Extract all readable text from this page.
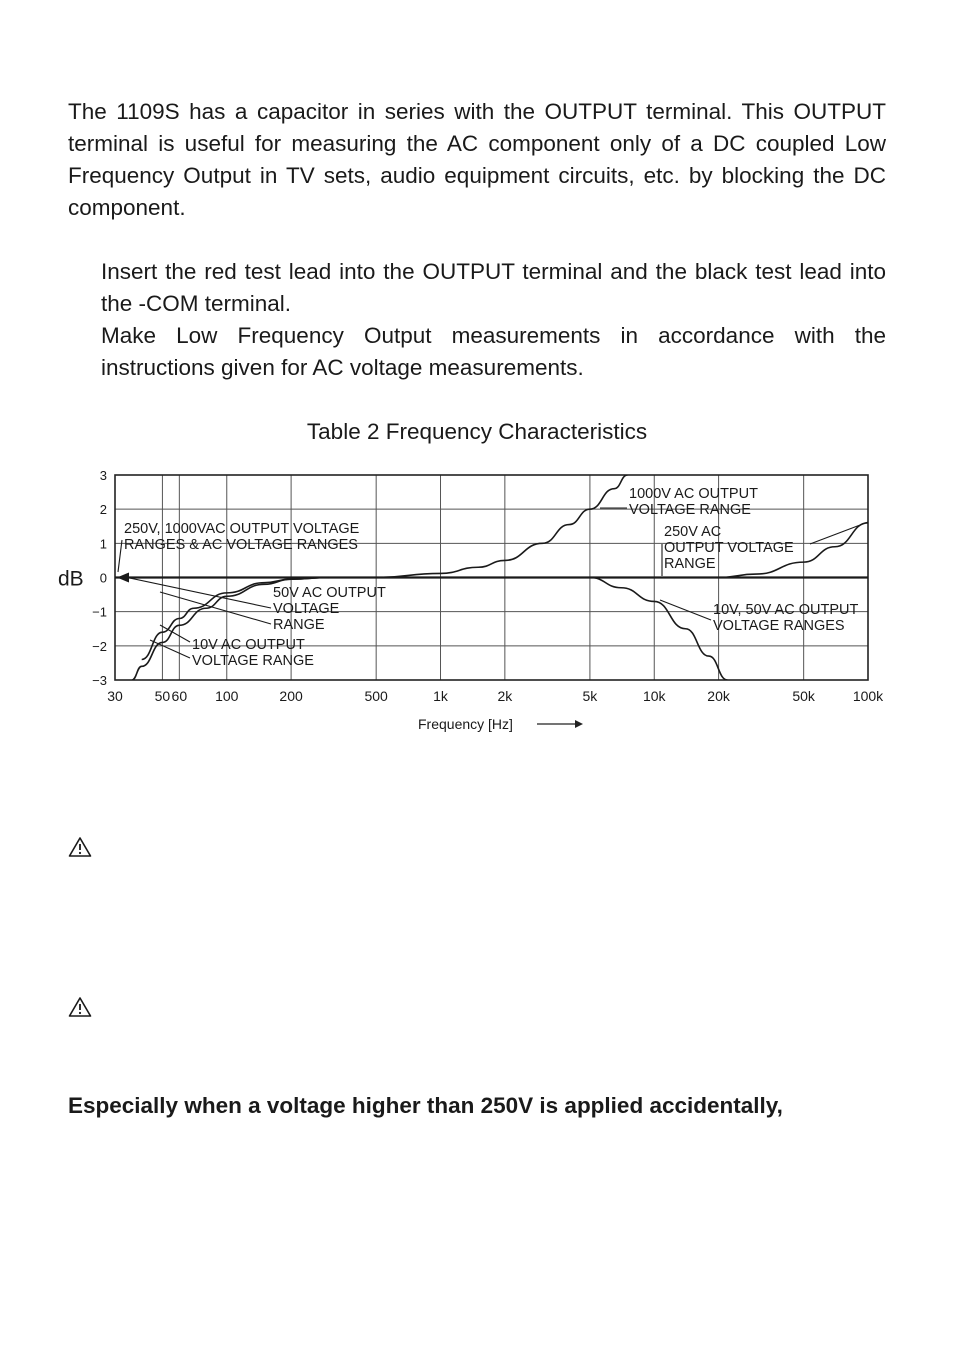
The 1109S has a capacitor in series with the OUTPUT terminal. This OUTPUT terminal is useful for measuring the AC component only of a DC coupled Low Frequency Output in TV sets, audio equipment circuits, etc. by blocking the DC component.

Insert the red test lead into the OUTPUT terminal and the black test lead into the -COM terminal.

Make Low Frequency Output measurements in accordance with the instructions given for AC voltage measurements.

Table 2 Frequency Characteristics
30 50 60 100	200	500	1k	2k	5k	10k	20k	50k	100k
3
2
1
0
−1
−2
−3
dB
Frequency [Hz]
250V, 1000VAC OUTPUT VOLTAGE RANGES & AC VOLTAGE RANGES
1000V AC OUTPUT VOLTAGE RANGE
250V AC OUTPUT VOLTAGE RANGE
50V AC OUTPUT VOLTAGE RANGE
10V, 50V AC OUTPUT VOLTAGE RANGES
10V AC OUTPUT VOLTAGE RANGE

Especially when a voltage higher than 250V is applied accidentally,
